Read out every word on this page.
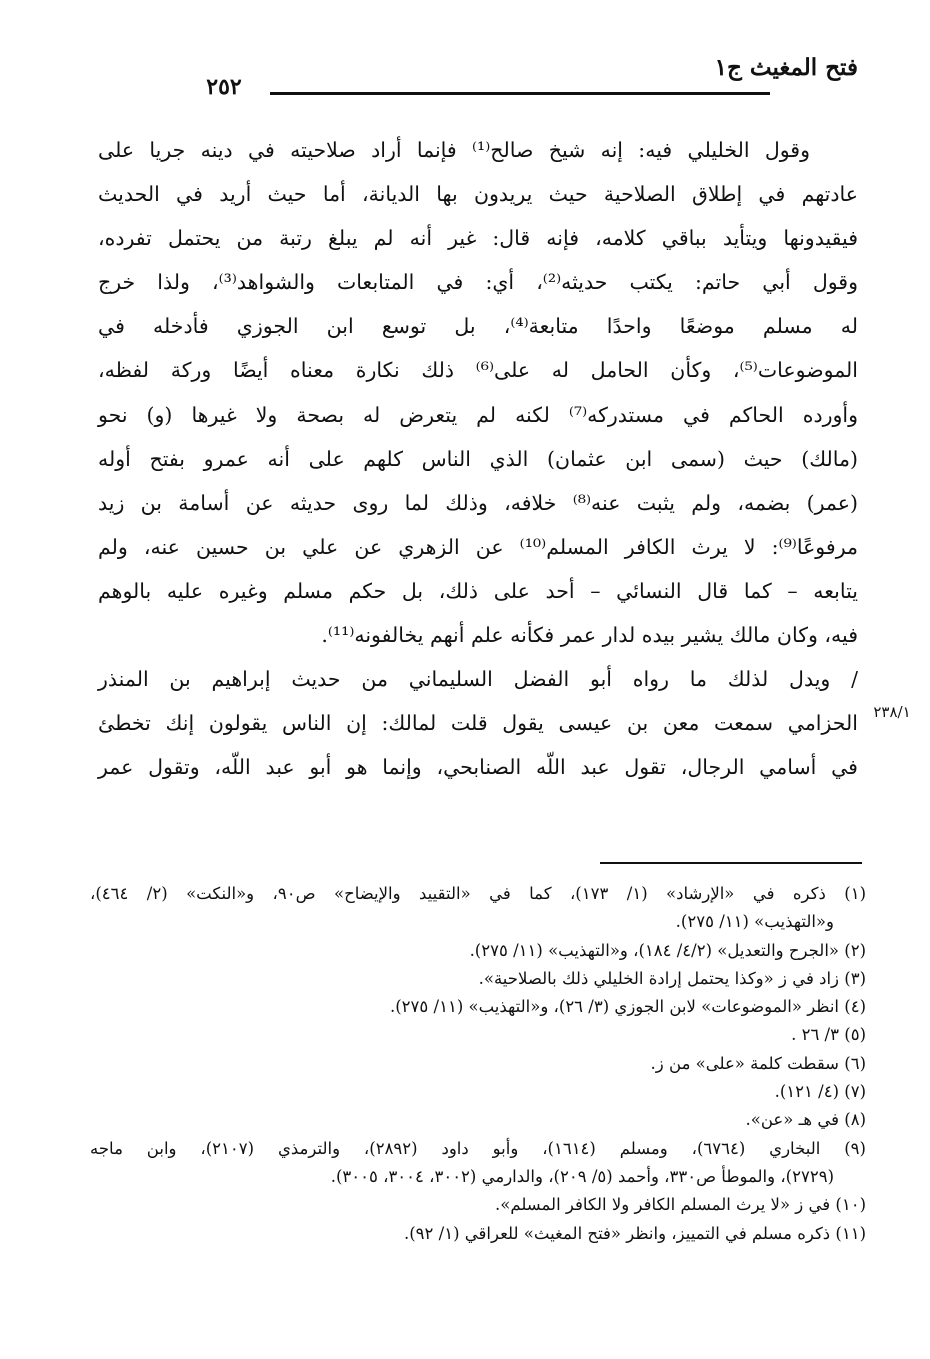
فتح المغيث ج١
٢٥٢
٢٣٨/١
وقول الخليلي فيه: إنه شيخ صالح⁽¹⁾ فإنما أراد صلاحيته في دينه جريا على
عادتهم في إطلاق الصلاحية حيث يريدون بها الديانة، أما حيث أريد في الحديث
فيقيدونها ويتأيد بباقي كلامه، فإنه قال: غير أنه لم يبلغ رتبة من يحتمل تفرده،
وقول أبي حاتم: يكتب حديثه⁽²⁾، أي: في المتابعات والشواهد⁽³⁾، ولذا خرج
له مسلم موضعًا واحدًا متابعة⁽⁴⁾، بل توسع ابن الجوزي فأدخله في
الموضوعات⁽⁵⁾، وكأن الحامل له على⁽⁶⁾ ذلك نكارة معناه أيضًا وركة لفظه،
وأورده الحاكم في مستدركه⁽⁷⁾ لكنه لم يتعرض له بصحة ولا غيرها (و) نحو
(مالك) حيث (سمى ابن عثمان) الذي الناس كلهم على أنه عمرو بفتح أوله
(عمر) بضمه، ولم يثبت عنه⁽⁸⁾ خلافه، وذلك لما روى حديثه عن أسامة بن زيد
مرفوعًا⁽⁹⁾: لا يرث الكافر المسلم⁽¹⁰⁾ عن الزهري عن علي بن حسين عنه، ولم
يتابعه – كما قال النسائي – أحد على ذلك، بل حكم مسلم وغيره عليه بالوهم
فيه، وكان مالك يشير بيده لدار عمر فكأنه علم أنهم يخالفونه⁽¹¹⁾.
/ ويدل لذلك ما رواه أبو الفضل السليماني من حديث إبراهيم بن المنذر
الحزامي سمعت معن بن عيسى يقول قلت لمالك: إن الناس يقولون إنك تخطئ
في أسامي الرجال، تقول عبد اللّه الصنابحي، وإنما هو أبو عبد اللّه، وتقول عمر
(١) ذكره في «الإرشاد» (١/ ١٧٣)، كما في «التقييد والإيضاح» ص٩٠، و«النكت» (٢/ ٤٦٤)،
و«التهذيب» (١١/ ٢٧٥).
(٢) «الجرح والتعديل» (٤/٢/ ١٨٤)، و«التهذيب» (١١/ ٢٧٥).
(٣) زاد في ز «وكذا يحتمل إرادة الخليلي ذلك بالصلاحية».
(٤) انظر «الموضوعات» لابن الجوزي (٣/ ٢٦)، و«التهذيب» (١١/ ٢٧٥).
(٥) ٣/ ٢٦ .
(٦) سقطت كلمة «على» من ز.
(٧) (٤/ ١٢١).
(٨) في هـ «عن».
(٩) البخاري (٦٧٦٤)، ومسلم (١٦١٤)، وأبو داود (٢٨٩٢)، والترمذي (٢١٠٧)، وابن ماجه
(٢٧٢٩)، والموطأ ص٣٣٠، وأحمد (٥/ ٢٠٩)، والدارمي (٣٠٠٢، ٣٠٠٤، ٣٠٠٥).
(١٠) في ز «لا يرث المسلم الكافر ولا الكافر المسلم».
(١١) ذكره مسلم في التمييز، وانظر «فتح المغيث» للعراقي (١/ ٩٢).
